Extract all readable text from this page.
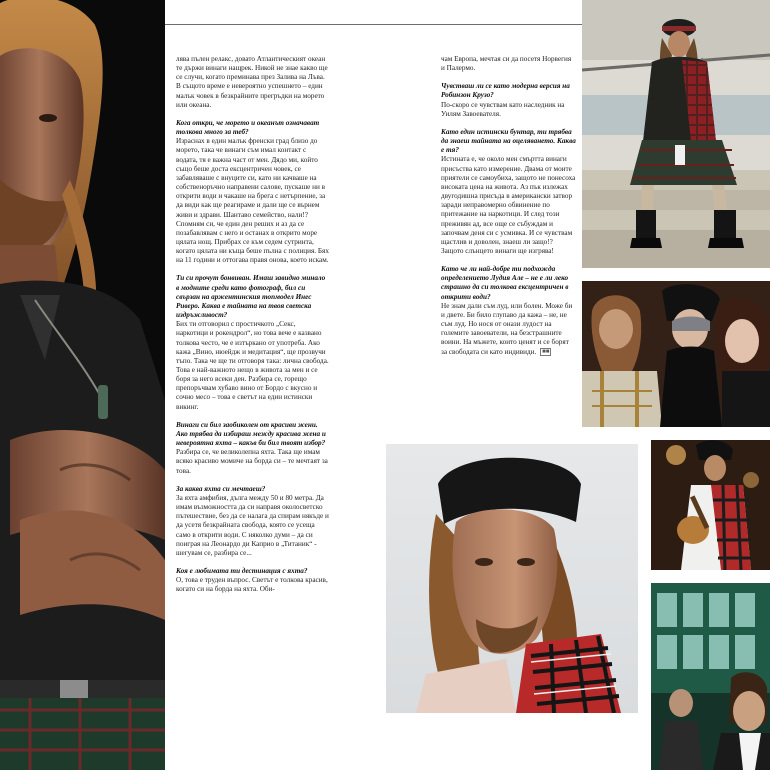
лява пълен релакс, довато Атлантическият океан те държи винаги нащрек. Никой не знае какво ще се случи, когато преминава през Залива на Лъва. В същото време е невероятно успешнето – един малък човек в безкрайните прегръдки на морето или океана.

Кога откри, че морето и океанът означават толкова много за теб?

Израснах в един малък френски град близо до морето, така че винаги съм имал контакт с водата, тя е важна част от мен. Дядо ми, който също беше доста ексцентричен човек, се забавляваше с внуците си, като ни качваше на собственоръчно направени салове, пускаше ни в открити води и чакаше на брега с нетърпение, за да види как ще реагираме и дали ще се върнем живи и здрави. Шантаво семейство, нали!? Спомням си, че един ден реших и аз да се позабавлявам с него и останах в открито море цялата нощ. Прибрах се към седем сутринта, когато цялата ни къща беше пълна с полиция. Бях на 11 години и оттогава правя онова, което искам.

Ти си прочут бонвиван. Имаш завидно минало в модните среди като фотограф, бил си свързан на аржентинския топмодел Инес Риверо. Каква е тайната на твоя светска издръжливост?

Бих ти отговорил с простичкото „Секс, наркотици и рокендрол“, но това вече е казвано толкова често, че е изтъркано от употреба. Ако кажа „Вино, нюейдж и медитация“, ще прозвучи тъпо. Така че ще ти отговоря така: лична свобода. Това е най-важното нещо в живота за мен и се боря за него всеки ден. Разбира се, горещо препоръчвам хубаво вино от Бордо с вкусно и сочно месо – това е светът на един истински викинг.

Винаги си бил заобиколен от красиви жени. Ако трябва да избираш между красива жена и невероятна яхта – какъв би бил твоят избор?

Разбира се, че великолепна яхта. Така ще имам всяко красиво момиче на борда си – те мечтаят за това.

За каква яхта си мечтаеш?

За яхта амфибия, дълга между 50 и 80 метра. Да имам възможността да си направя околосветско пътешествие, без да се налага да спирам някъде и да усетя безкрайната свобода, която се усеща само в открити води. С няколко думи – да си поиграя на Леонардо ди Каприо в „Титаник“ - шегувам се, разбира се...

Коя е любимата ти дестинация с яхта?

О, това е труден въпрос. Светът е толкова красив, когато си на борда на яхта. Оби-

чам Европа, мечтая си да посетя Норвегия и Палермо.

Чувстваш ли се като модерна версия на Робинзон Крузо?

По-скоро се чувствам като наследник на Уилям Завоевателя.

Като един истински бунтар, ти трябва да знаеш тайната на оцеляването. Каква е тя?

Истината е, че около мен смъртта винаги присъства като измерение. Двама от моите приятели се самоубиха, защото не понесоха високата цена на живота. Аз пък излежах двугодишна присъда в американски затвор заради неправомерно обвинение по притежание на наркотици. И след този преживян ад, все още се събуждам и започвам деня си с усмивка. И се чувствам щастлив и доволен, знаеш ли защо!? Защото слънцето винаги ще изгрява!

Като че ли най-добре ти подхожда определението Лудия Але – не е ли леко страшно да си толкова ексцентричен в открити води?

Не знам дали съм луд, или болен. Може би и двете. Би било глупаво да кажа – не, не съм луд. Но нося от онази лудост на големите завоеватели, на безстрашните воини. На мъжете, които ценят и се борят за свободата си като индивиди. ■■
